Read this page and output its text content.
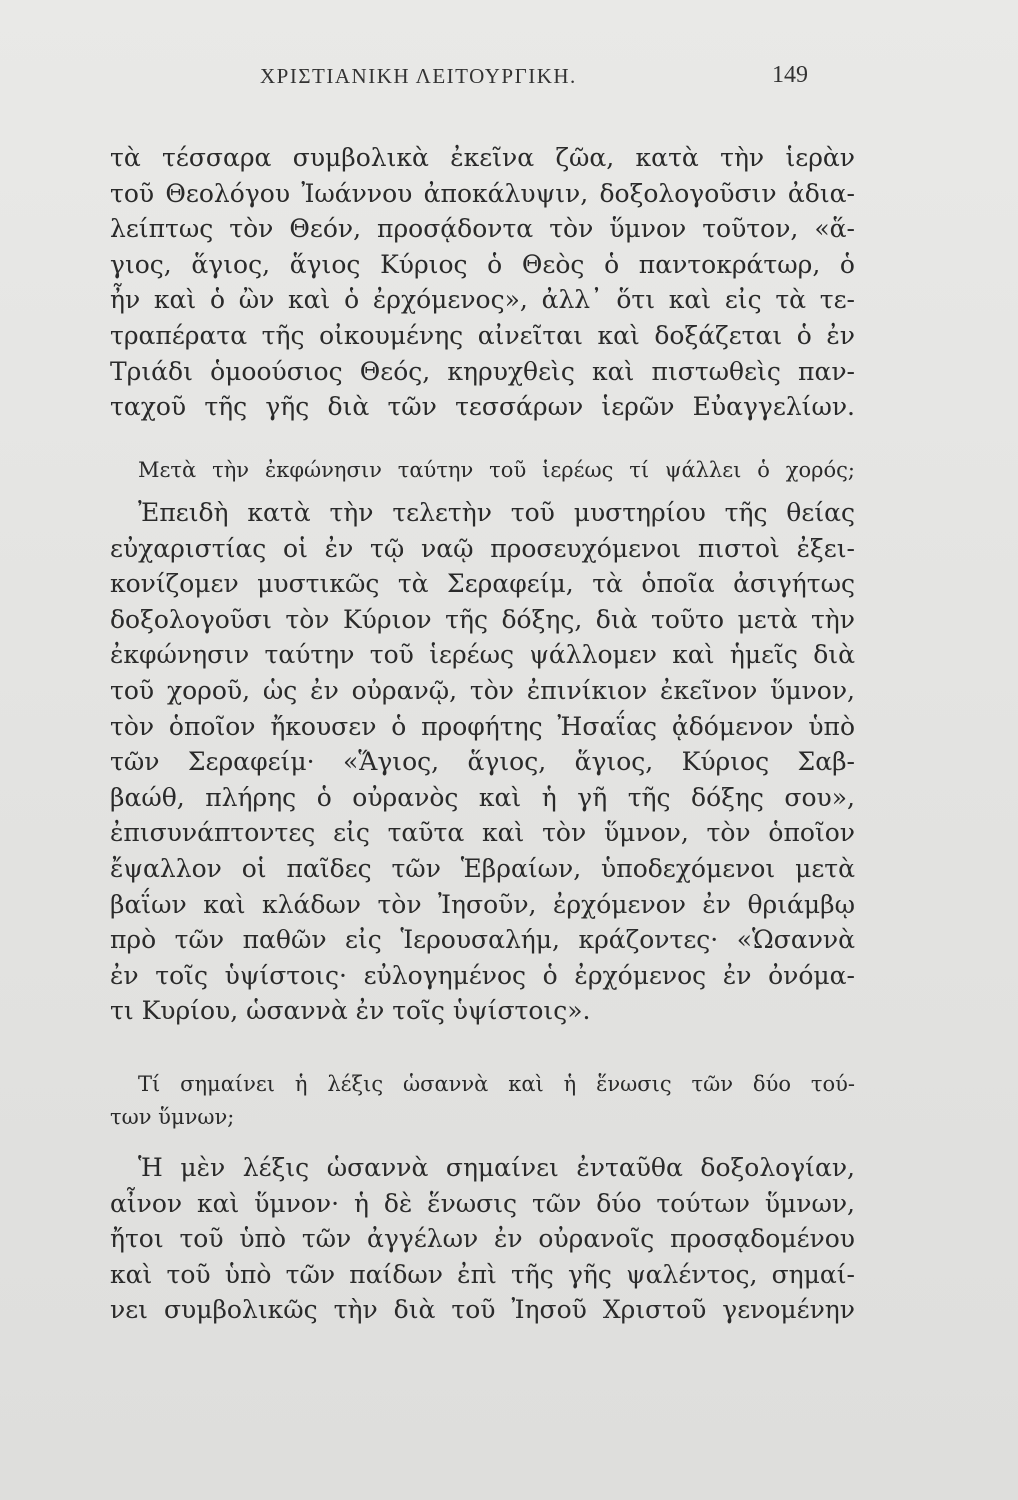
ΧΡΙΣΤΙΑΝΙΚΗ ΛΕΙΤΟΥΡΓΙΚΗ.	149
τὰ τέσσαρα συμβολικὰ ἐκεῖνα ζῶα, κατὰ τὴν ἱερὰν
τοῦ Θεολόγου Ἰωάννου ἀποκάλυψιν, δοξολογοῦσιν ἀδια-
λείπτως τὸν Θεόν, προσᾴδοντα τὸν ὕμνον τοῦτον, «ἅ-
γιος, ἅγιος, ἅγιος Κύριος ὁ Θεὸς ὁ παντοκράτωρ, ὁ
ἦν καὶ ὁ ὢν καὶ ὁ ἐρχόμενος», ἀλλ᾽ ὅτι καὶ εἰς τὰ τε-
τραπέρατα τῆς οἰκουμένης αἰνεῖται καὶ δοξάζεται ὁ ἐν
Τριάδι ὁμοούσιος Θεός, κηρυχθεὶς καὶ πιστωθεὶς παν-
ταχοῦ τῆς γῆς διὰ τῶν τεσσάρων ἱερῶν Εὐαγγελίων.
Μετὰ τὴν ἐκφώνησιν ταύτην τοῦ ἱερέως τί ψάλλει ὁ χορός;
Ἐπειδὴ κατὰ τὴν τελετὴν τοῦ μυστηρίου τῆς θείας
εὐχαριστίας οἱ ἐν τῷ ναῷ προσευχόμενοι πιστοὶ ἐξει-
κονίζομεν μυστικῶς τὰ Σεραφείμ, τὰ ὁποῖα ἀσιγήτως
δοξολογοῦσι τὸν Κύριον τῆς δόξης, διὰ τοῦτο μετὰ τὴν
ἐκφώνησιν ταύτην τοῦ ἱερέως ψάλλομεν καὶ ἡμεῖς διὰ
τοῦ χοροῦ, ὡς ἐν οὐρανῷ, τὸν ἐπινίκιον ἐκεῖνον ὕμνον,
τὸν ὁποῖον ἤκουσεν ὁ προφήτης Ἠσαΐας ᾀδόμενον ὑπὸ
τῶν Σεραφείμ· «Ἅγιος, ἅγιος, ἅγιος, Κύριος Σαβ-
βαώθ, πλήρης ὁ οὐρανὸς καὶ ἡ γῆ τῆς δόξης σου»,
ἐπισυνάπτοντες εἰς ταῦτα καὶ τὸν ὕμνον, τὸν ὁποῖον
ἔψαλλον οἱ παῖδες τῶν Ἑβραίων, ὑποδεχόμενοι μετὰ
βαΐων καὶ κλάδων τὸν Ἰησοῦν, ἐρχόμενον ἐν θριάμβῳ
πρὸ τῶν παθῶν εἰς Ἱερουσαλήμ, κράζοντες· «Ὡσαννὰ
ἐν τοῖς ὑψίστοις· εὐλογημένος ὁ ἐρχόμενος ἐν ὀνόμα-
τι Κυρίου, ὡσαννὰ ἐν τοῖς ὑψίστοις».
Τί σημαίνει ἡ λέξις ὡσαννὰ καὶ ἡ ἕνωσις τῶν δύο τού-
των ὕμνων;
Ἡ μὲν λέξις ὡσαννὰ σημαίνει ἐνταῦθα δοξολογίαν,
αἶνον καὶ ὕμνον· ἡ δὲ ἕνωσις τῶν δύο τούτων ὕμνων,
ἤτοι τοῦ ὑπὸ τῶν ἀγγέλων ἐν οὐρανοῖς προσᾳδομένου
καὶ τοῦ ὑπὸ τῶν παίδων ἐπὶ τῆς γῆς ψαλέντος, σημαί-
νει συμβολικῶς τὴν διὰ τοῦ Ἰησοῦ Χριστοῦ γενομένην
